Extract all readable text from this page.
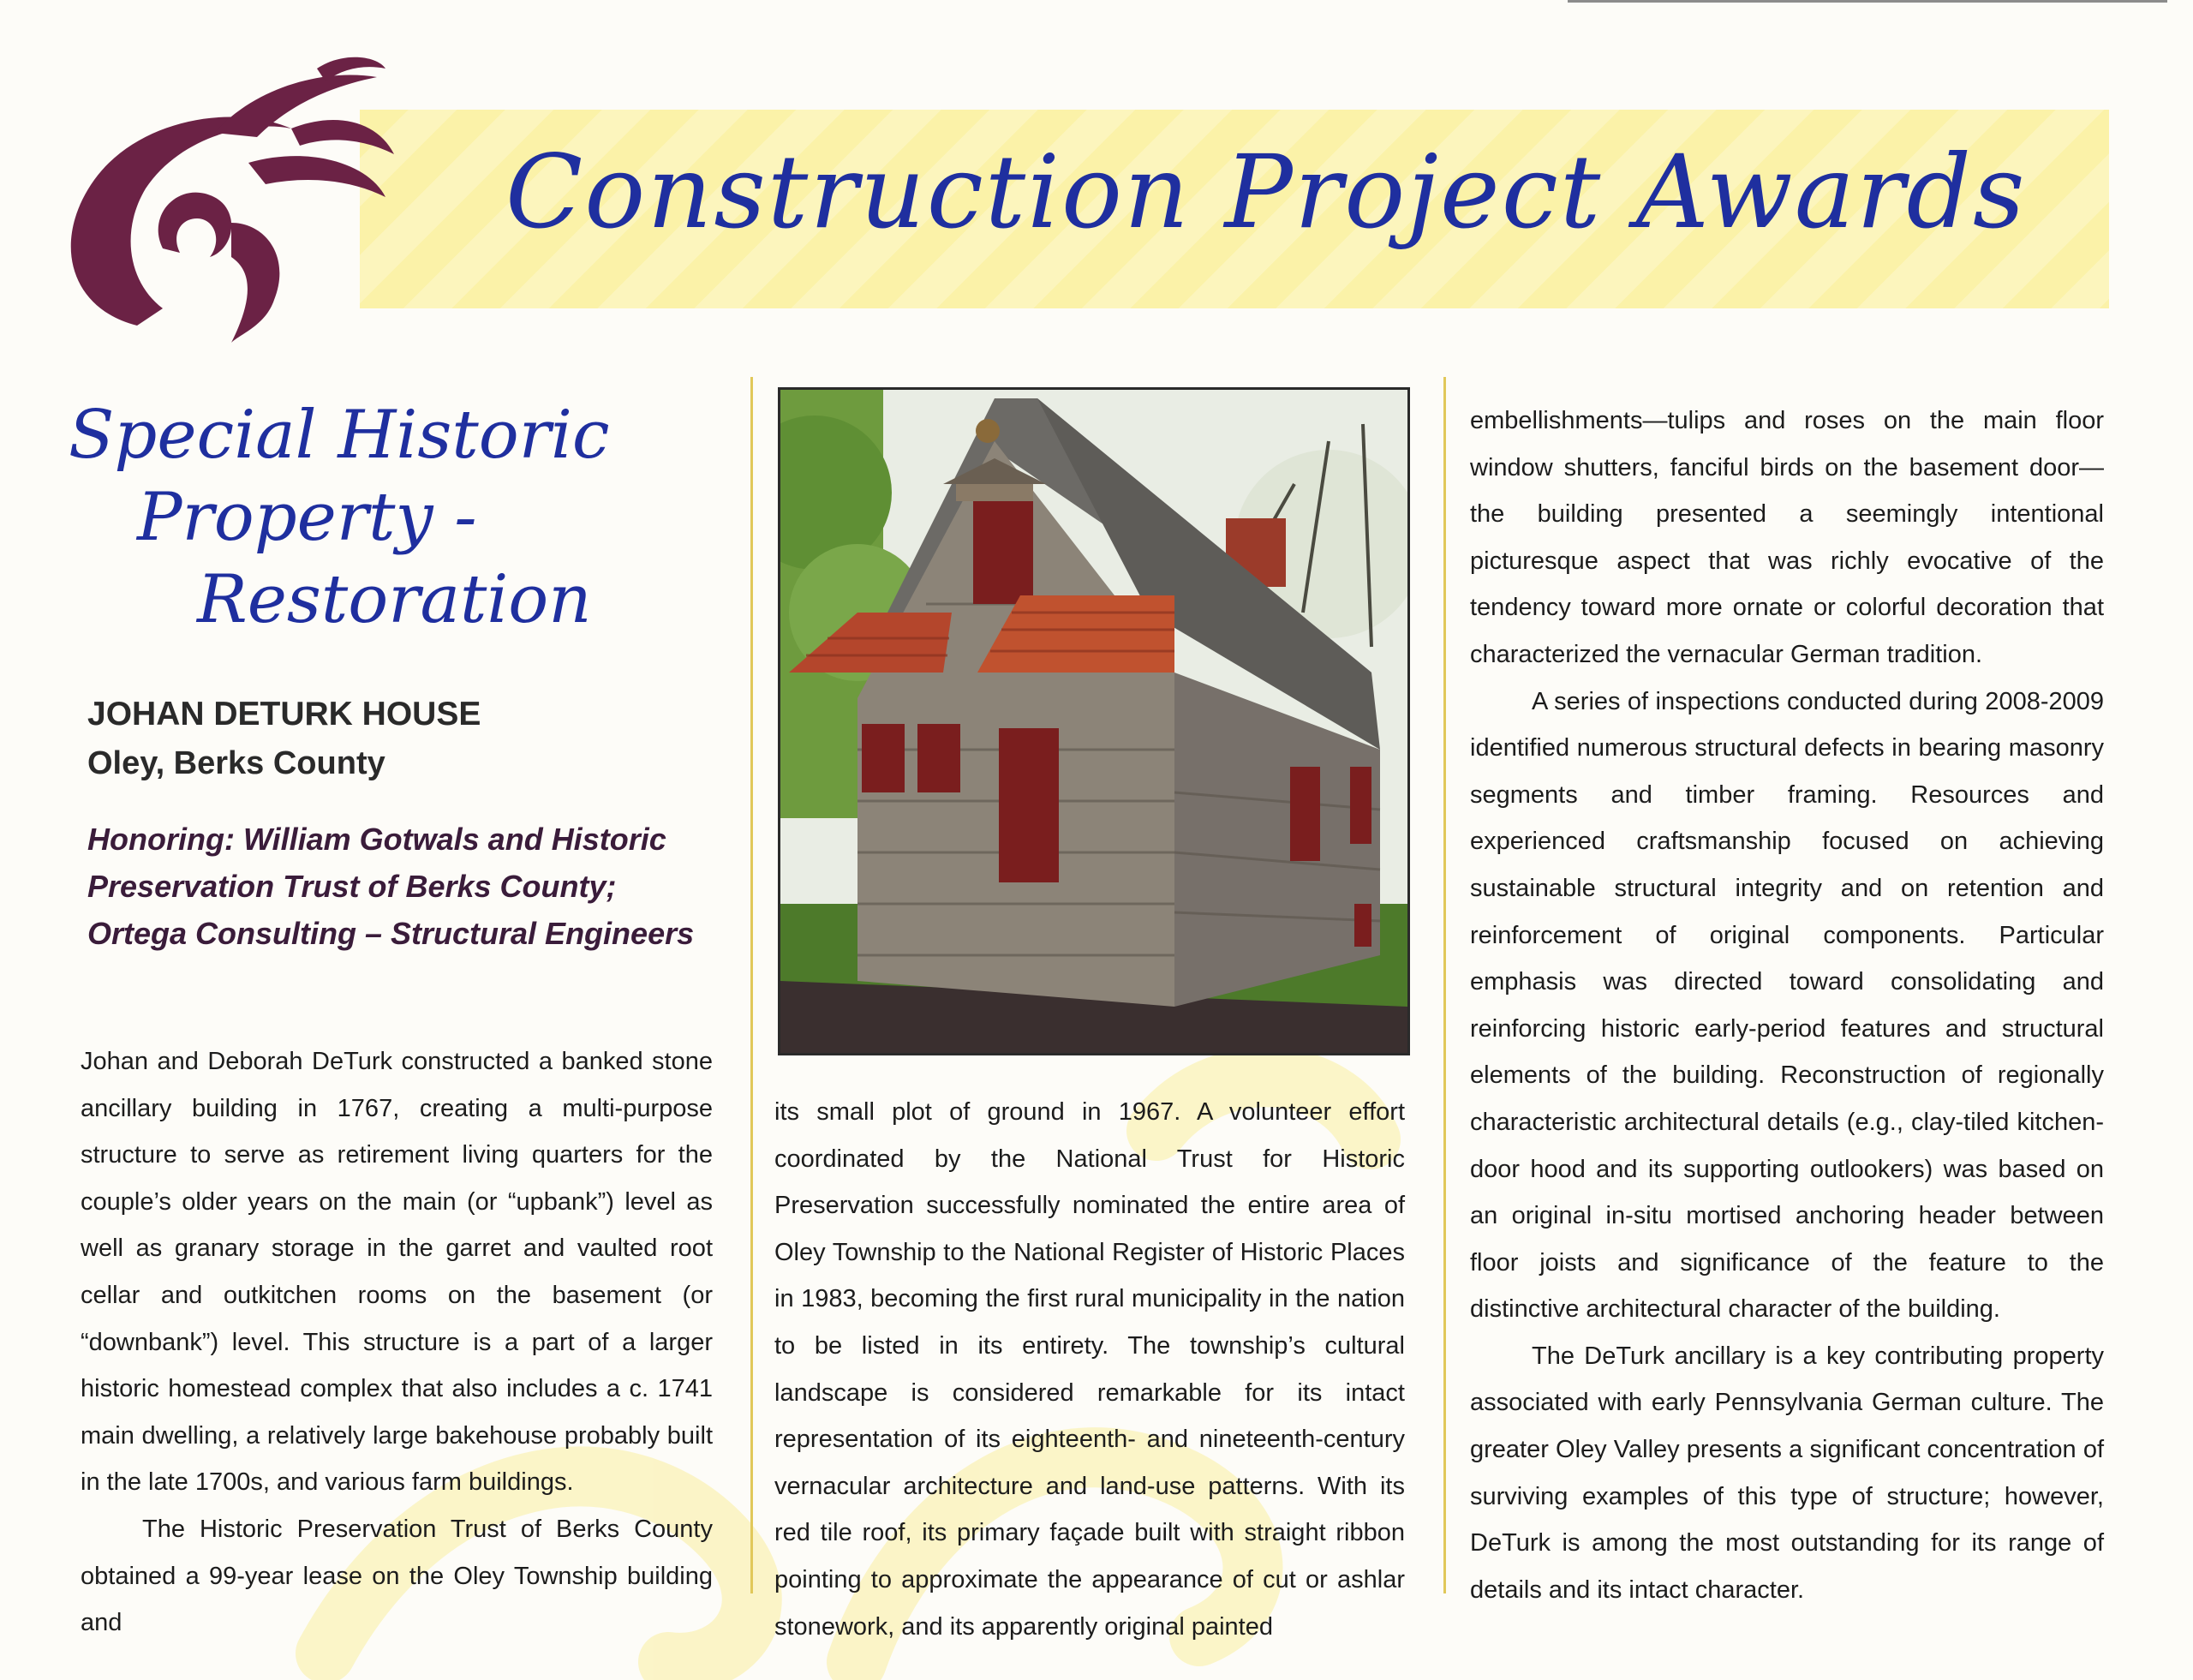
Construction Project Awards
Special Historic
Property -
Restoration
JOHAN DETURK HOUSE
Oley, Berks County
Honoring: William Gotwals and Historic Preservation Trust of Berks County; Ortega Consulting – Structural Engineers

Johan and Deborah DeTurk constructed a banked stone ancillary building in 1767, creating a multi-purpose structure to serve as retirement living quarters for the couple’s older years on the main (or “upbank”) level as well as granary storage in the garret and vaulted root cellar and outkitchen rooms on the basement (or “downbank”) level. This structure is a part of a larger historic homestead complex that also includes a c. 1741 main dwelling, a relatively large bakehouse probably built in the late 1700s, and various farm buildings.

The Historic Preservation Trust of Berks County obtained a 99-year lease on the Oley Township building and

its small plot of ground in 1967. A volunteer effort coordinated by the National Trust for Historic Preservation successfully nominated the entire area of Oley Township to the National Register of Historic Places in 1983, becoming the first rural municipality in the nation to be listed in its entirety. The township’s cultural landscape is considered remarkable for its intact representation of its eighteenth- and nineteenth-century vernacular architecture and land-use patterns. With its red tile roof, its primary façade built with straight ribbon pointing to approximate the appearance of cut or ashlar stonework, and its apparently original painted

embellishments—tulips and roses on the main floor window shutters, fanciful birds on the basement door—the building presented a seemingly intentional picturesque aspect that was richly evocative of the tendency toward more ornate or colorful decoration that characterized the vernacular German tradition.

A series of inspections conducted during 2008-2009 identified numerous structural defects in bearing masonry segments and timber framing. Resources and experienced craftsmanship focused on achieving sustainable structural integrity and on retention and reinforcement of original components. Particular emphasis was directed toward consolidating and reinforcing historic early-period features and structural elements of the building. Reconstruction of regionally characteristic architectural details (e.g., clay-tiled kitchen-door hood and its supporting outlookers) was based on an original in-situ mortised anchoring header between floor joists and significance of the feature to the distinctive architectural character of the building.

The DeTurk ancillary is a key contributing property associated with early Pennsylvania German culture. The greater Oley Valley presents a significant concentration of surviving examples of this type of structure; however, DeTurk is among the most outstanding for its range of details and its intact character.
